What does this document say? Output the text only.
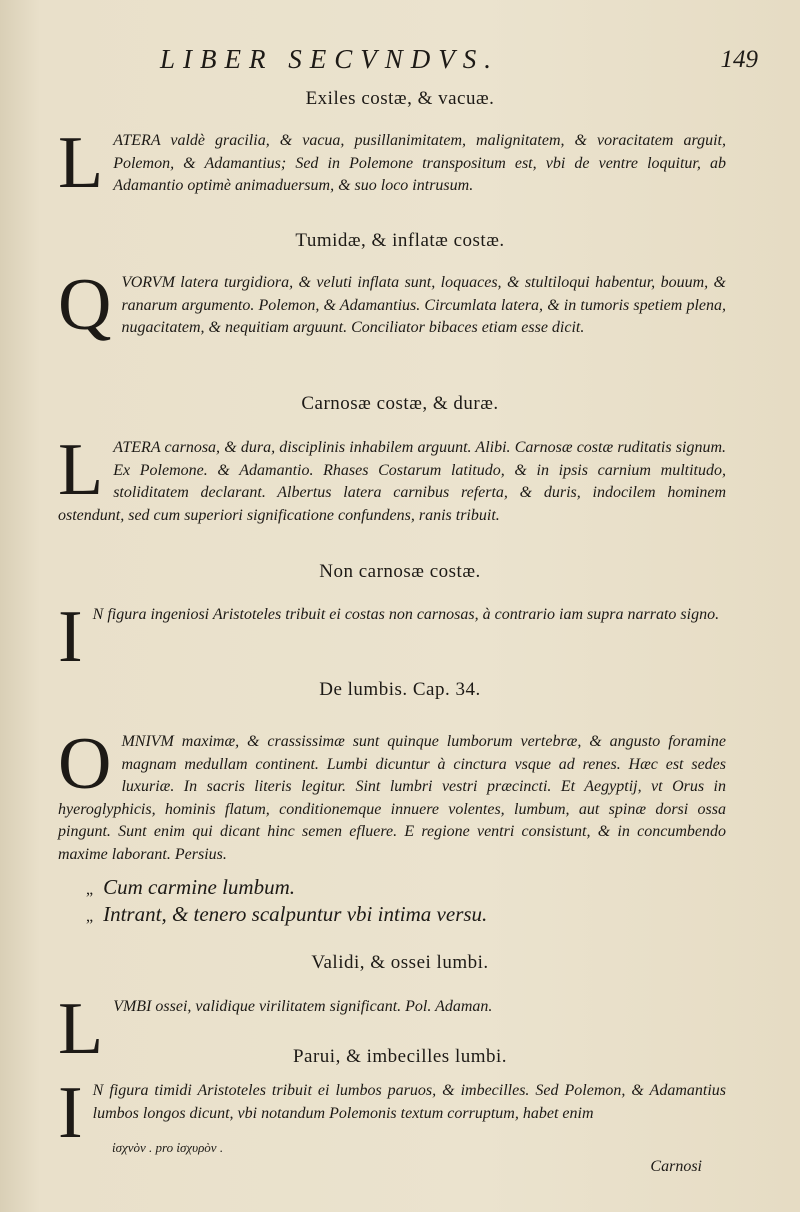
LIBER SECVNDVS.	149
Exiles costæ, & vacuæ.
L ATERA valdè gracilia, & vacua, pusillanimitatem, malignitatem, & voracitatem arguit, Polemon, & Adamantius; Sed in Polemone transpositum est, vbi de ventre loquitur, ab Adamantio optimè animaduersum, & suo loco intrusum.

Tumidæ, & inflatæ costæ.
Q VORVM latera turgidiora, & veluti inflata sunt, loquaces, & stultiloqui habentur, bouum, & ranarum argumento. Polemon, & Adamantius. Circumlata latera, & in tumoris spetiem plena, nugacitatem, & nequitiam arguunt. Conciliator bibaces etiam esse dicit.

Carnosæ costæ, & duræ.
L ATERA carnosa, & dura, disciplinis inhabilem arguunt. Alibi. Carnosæ costæ ruditatis signum. Ex Polemone. & Adamantio. Rhases Costarum latitudo, & in ipsis carnium multitudo, stoliditatem declarant. Albertus latera carnibus referta, & duris, indocilem hominem ostendunt, sed cum superiori significatione confundens, ranis tribuit.

Non carnosæ costæ.
I N figura ingeniosi Aristoteles tribuit ei costas non carnosas, à contrario iam supra narrato signo.

De lumbis. Cap. 34.
O MNIVM maximæ, & crassissimæ sunt quinque lumborum vertebræ, & angusto foramine magnam medullam continent. Lumbi dicuntur à cinctura vsque ad renes. Hæc est sedes luxuriæ. In sacris literis legitur. Sint lumbri vestri præcincti. Et Aegyptij, vt Orus in hyeroglyphicis, hominis flatum, conditionemque innuere volentes, lumbum, aut spinæ dorsi ossa pingunt. Sunt enim qui dicant hinc semen efluere. E regione ventri consistunt, & in concumbendo maxime laborant. Persius.

„ Cum carmine lumbum.
„ Intrant, & tenero scalpuntur vbi intima versu.
Validi, & ossei lumbi.
L VMBI ossei, validique virilitatem significant. Pol. Adaman.

Parui, & imbecilles lumbi.
I N figura timidi Aristoteles tribuit ei lumbos paruos, & imbecilles. Sed Polemon, & Adamantius lumbos longos dicunt, vbi notandum Polemonis textum corruptum, habet enim

ἰσχνὸν . pro ἰσχυρὸν .
Carnosi
